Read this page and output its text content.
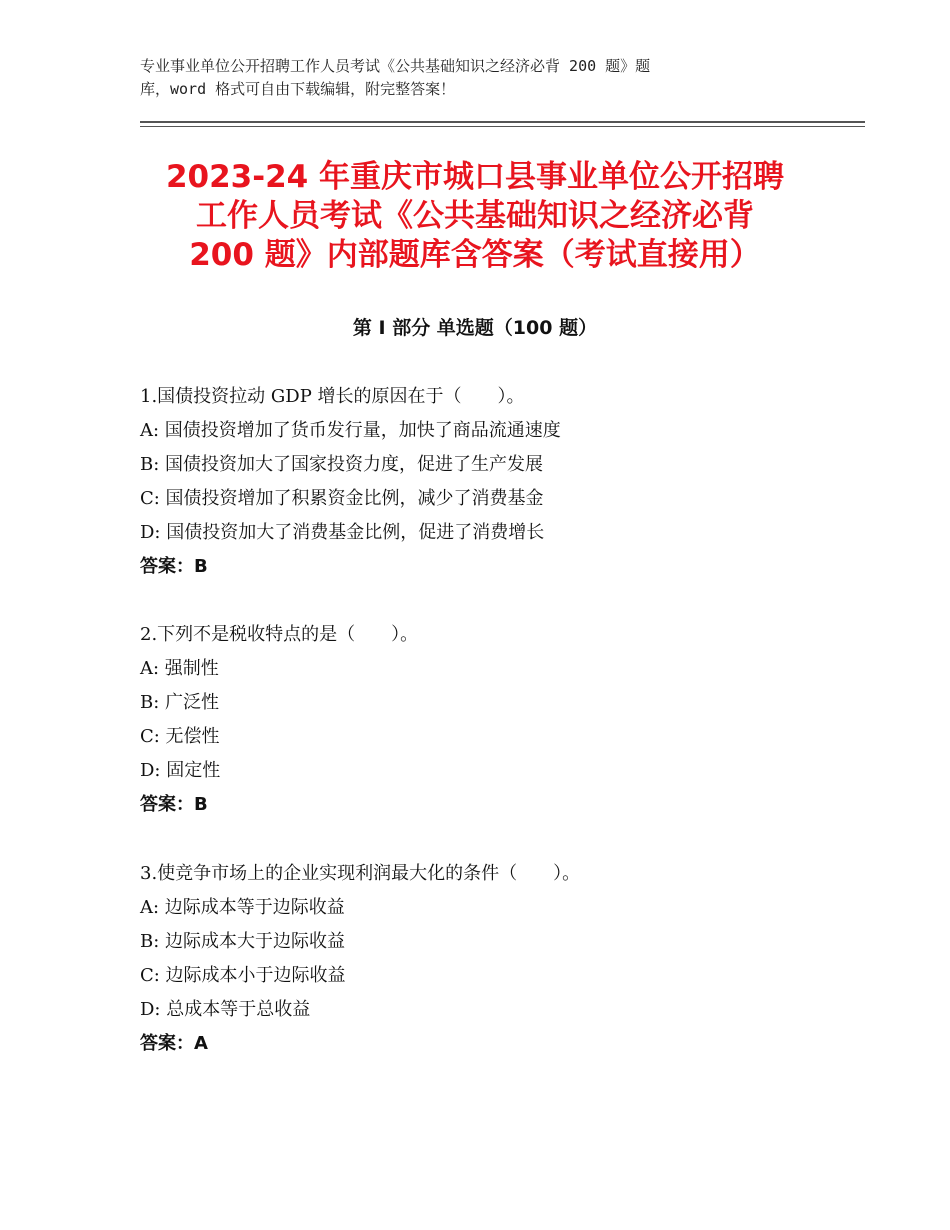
专业事业单位公开招聘工作人员考试《公共基础知识之经济必背 200 题》题
库，word 格式可自由下载编辑，附完整答案！
2023-24 年重庆市城口县事业单位公开招聘
工作人员考试《公共基础知识之经济必背
200 题》内部题库含答案（考试直接用）
第 I 部分 单选题（100 题）
1.国债投资拉动 GDP 增长的原因在于（　　）。
A: 国债投资增加了货币发行量，加快了商品流通速度
B: 国债投资加大了国家投资力度，促进了生产发展
C: 国债投资增加了积累资金比例，减少了消费基金
D: 国债投资加大了消费基金比例，促进了消费增长
答案：B
2.下列不是税收特点的是（　　）。
A: 强制性
B: 广泛性
C: 无偿性
D: 固定性
答案：B
3.使竞争市场上的企业实现利润最大化的条件（　　）。
A: 边际成本等于边际收益
B: 边际成本大于边际收益
C: 边际成本小于边际收益
D: 总成本等于总收益
答案：A
